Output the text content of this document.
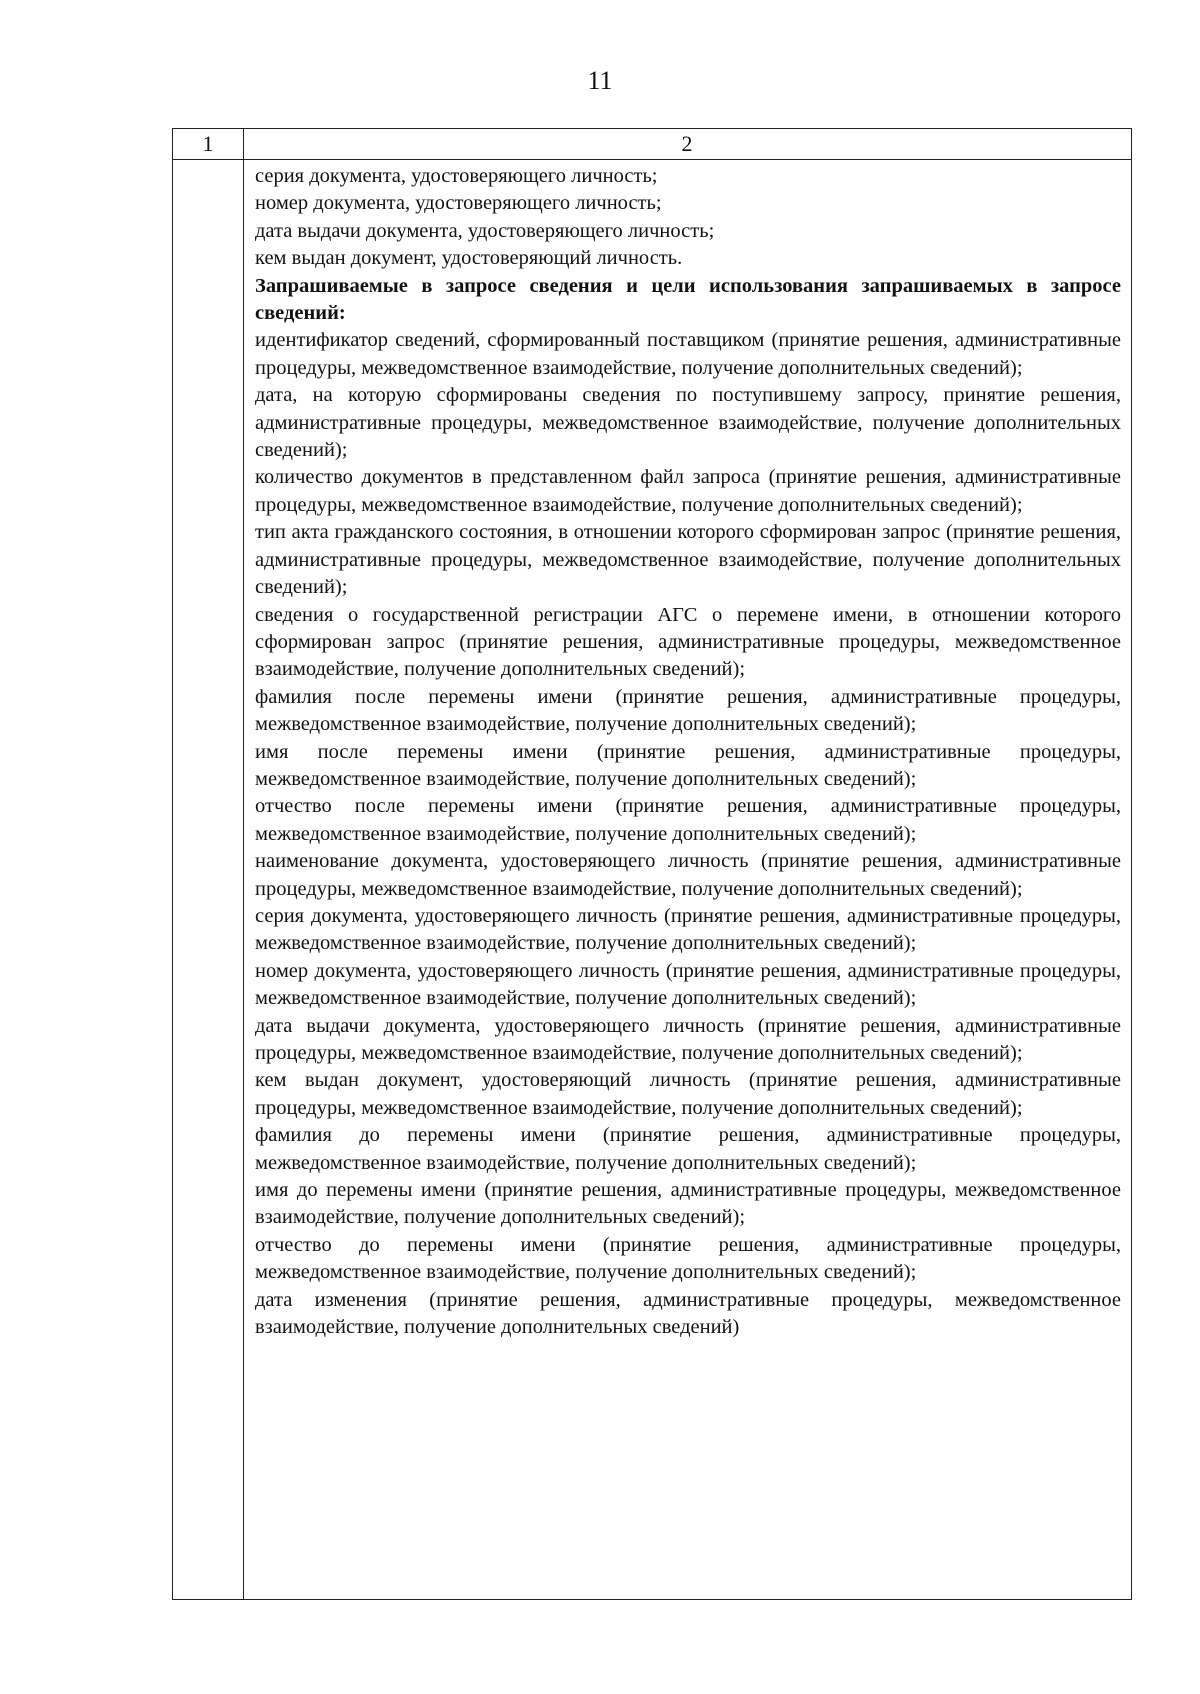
11
1	2

серия документа, удостоверяющего личность;

номер документа, удостоверяющего личность;

дата выдачи документа, удостоверяющего личность;

кем выдан документ, удостоверяющий личность.

Запрашиваемые в запросе сведения и цели использования запрашиваемых в запросе сведений:

идентификатор сведений, сформированный поставщиком (принятие решения, административные процедуры, межведомственное взаимодействие, получение дополнительных сведений);

дата, на которую сформированы сведения по поступившему запросу, принятие решения, административные процедуры, межведомственное взаимодействие, получение дополнительных сведений);

количество документов в представленном файл запроса (принятие решения, административные процедуры, межведомственное взаимодействие, получение дополнительных сведений);

тип акта гражданского состояния, в отношении которого сформирован запрос (принятие решения, административные процедуры, межведомственное взаимодействие, получение дополнительных сведений);

сведения о государственной регистрации АГС о перемене имени, в отношении которого сформирован запрос (принятие решения, административные процедуры, межведомственное взаимодействие, получение дополнительных сведений);

фамилия после перемены имени (принятие решения, административные процедуры, межведомственное взаимодействие, получение дополнительных сведений);

имя после перемены имени (принятие решения, административные процедуры, межведомственное взаимодействие, получение дополнительных сведений);

отчество после перемены имени (принятие решения, административные процедуры, межведомственное взаимодействие, получение дополнительных сведений);

наименование документа, удостоверяющего личность (принятие решения, административные процедуры, межведомственное взаимодействие, получение дополнительных сведений);

серия документа, удостоверяющего личность (принятие решения, административные процедуры, межведомственное взаимодействие, получение дополнительных сведений);

номер документа, удостоверяющего личность (принятие решения, административные процедуры, межведомственное взаимодействие, получение дополнительных сведений);

дата выдачи документа, удостоверяющего личность (принятие решения, административные процедуры, межведомственное взаимодействие, получение дополнительных сведений);

кем выдан документ, удостоверяющий личность (принятие решения, административные процедуры, межведомственное взаимодействие, получение дополнительных сведений);

фамилия до перемены имени (принятие решения, административные процедуры, межведомственное взаимодействие, получение дополнительных сведений);

имя до перемены имени (принятие решения, административные процедуры, межведомственное взаимодействие, получение дополнительных сведений);

отчество до перемены имени (принятие решения, административные процедуры, межведомственное взаимодействие, получение дополнительных сведений);

дата изменения (принятие решения, административные процедуры, межведомственное взаимодействие, получение дополнительных сведений)
